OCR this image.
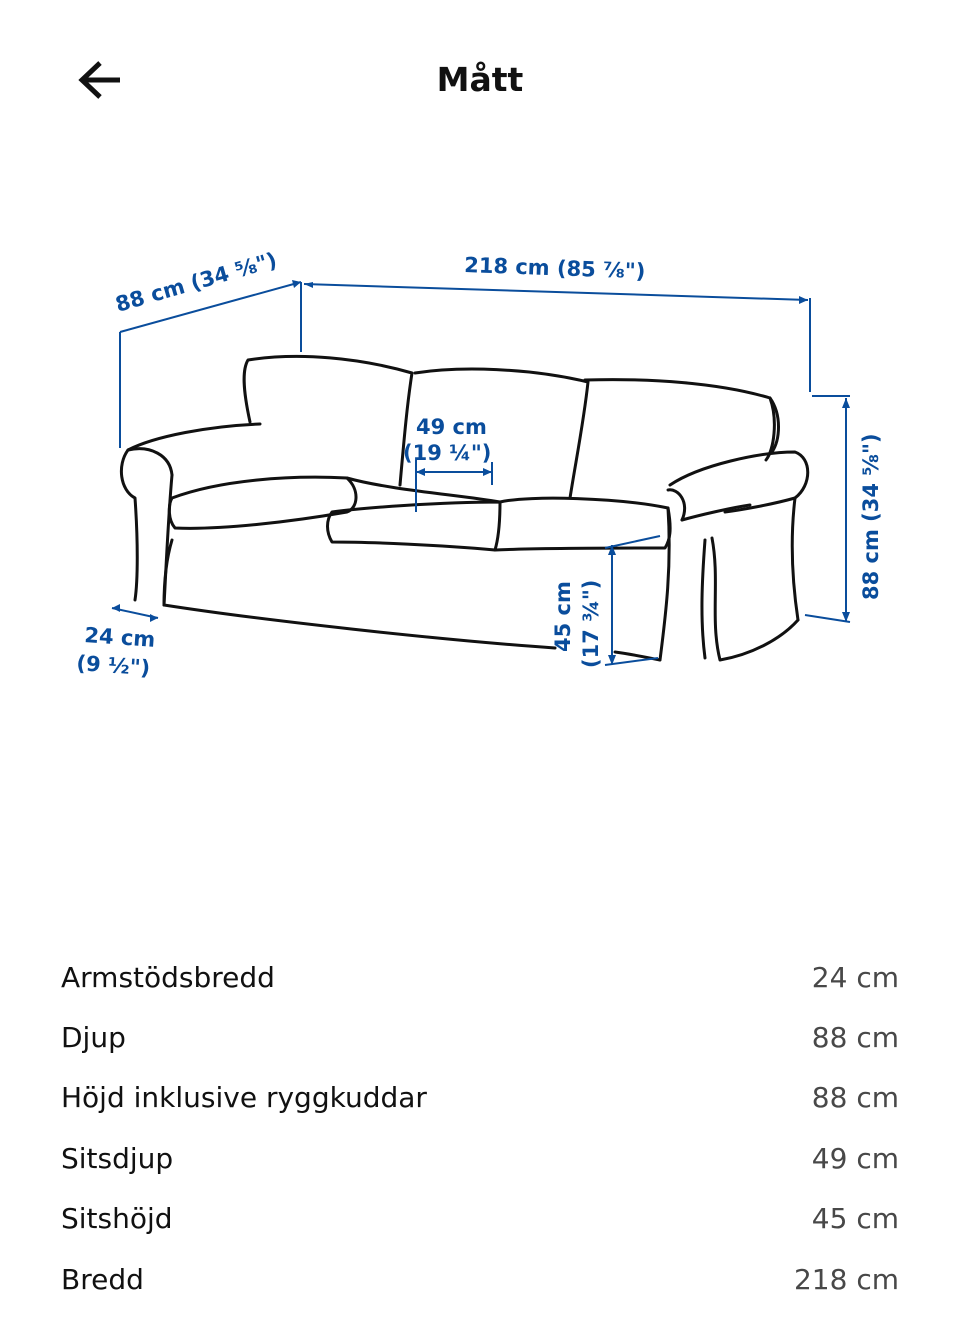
Mått
88 cm (34 ⅝")	218 cm (85 ⅞")
88 cm (34 ⅝")
49 cm
(19 ¼")
45 cm (17 ¾")
24 cm
(9 ½")
Armstödsbredd	24 cm
Djup	88 cm
Höjd inklusive ryggkuddar	88 cm
Sitsdjup	49 cm
Sitshöjd	45 cm
Bredd	218 cm
